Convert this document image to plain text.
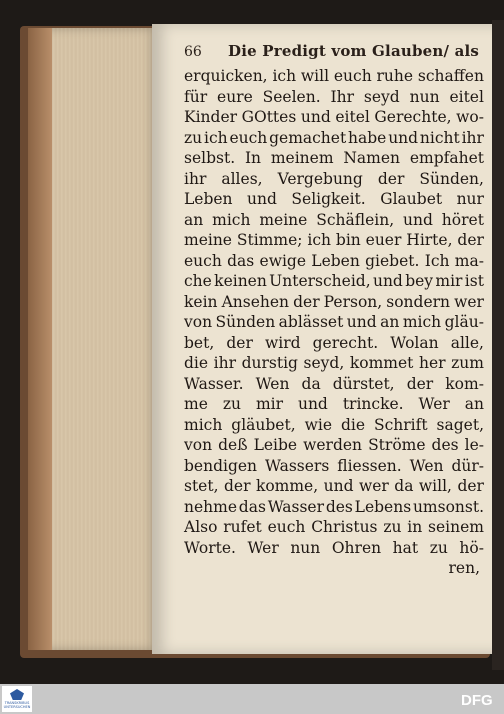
66 Die Predigt vom Glauben/ als
erquicken, ich will euch ruhe schaffen
für eure Seelen. Ihr seyd nun eitel
Kinder GOttes und eitel Gerechte, wo-
zu ich euch gemachet habe und nicht ihr
selbst. In meinem Namen empfahet
ihr alles, Vergebung der Sünden,
Leben und Seligkeit. Glaubet nur
an mich meine Schäflein, und höret
meine Stimme; ich bin euer Hirte, der
euch das ewige Leben giebet. Ich ma-
che keinen Unterscheid, und bey mir ist
kein Ansehen der Person, sondern wer
von Sünden ablässet und an mich gläu-
bet, der wird gerecht. Wolan alle,
die ihr durstig seyd, kommet her zum
Wasser. Wen da dürstet, der kom-
me zu mir und trincke. Wer an
mich gläubet, wie die Schrift saget,
von deß Leibe werden Ströme des le-
bendigen Wassers fliessen. Wen dür-
stet, der komme, und wer da will, der
nehme das Wasser des Lebens umsonst.
Also rufet euch Christus zu in seinem
Worte. Wer nun Ohren hat zu hö-
ren,
TRANSKRIBUS UNTERSUCHEN	DFG
